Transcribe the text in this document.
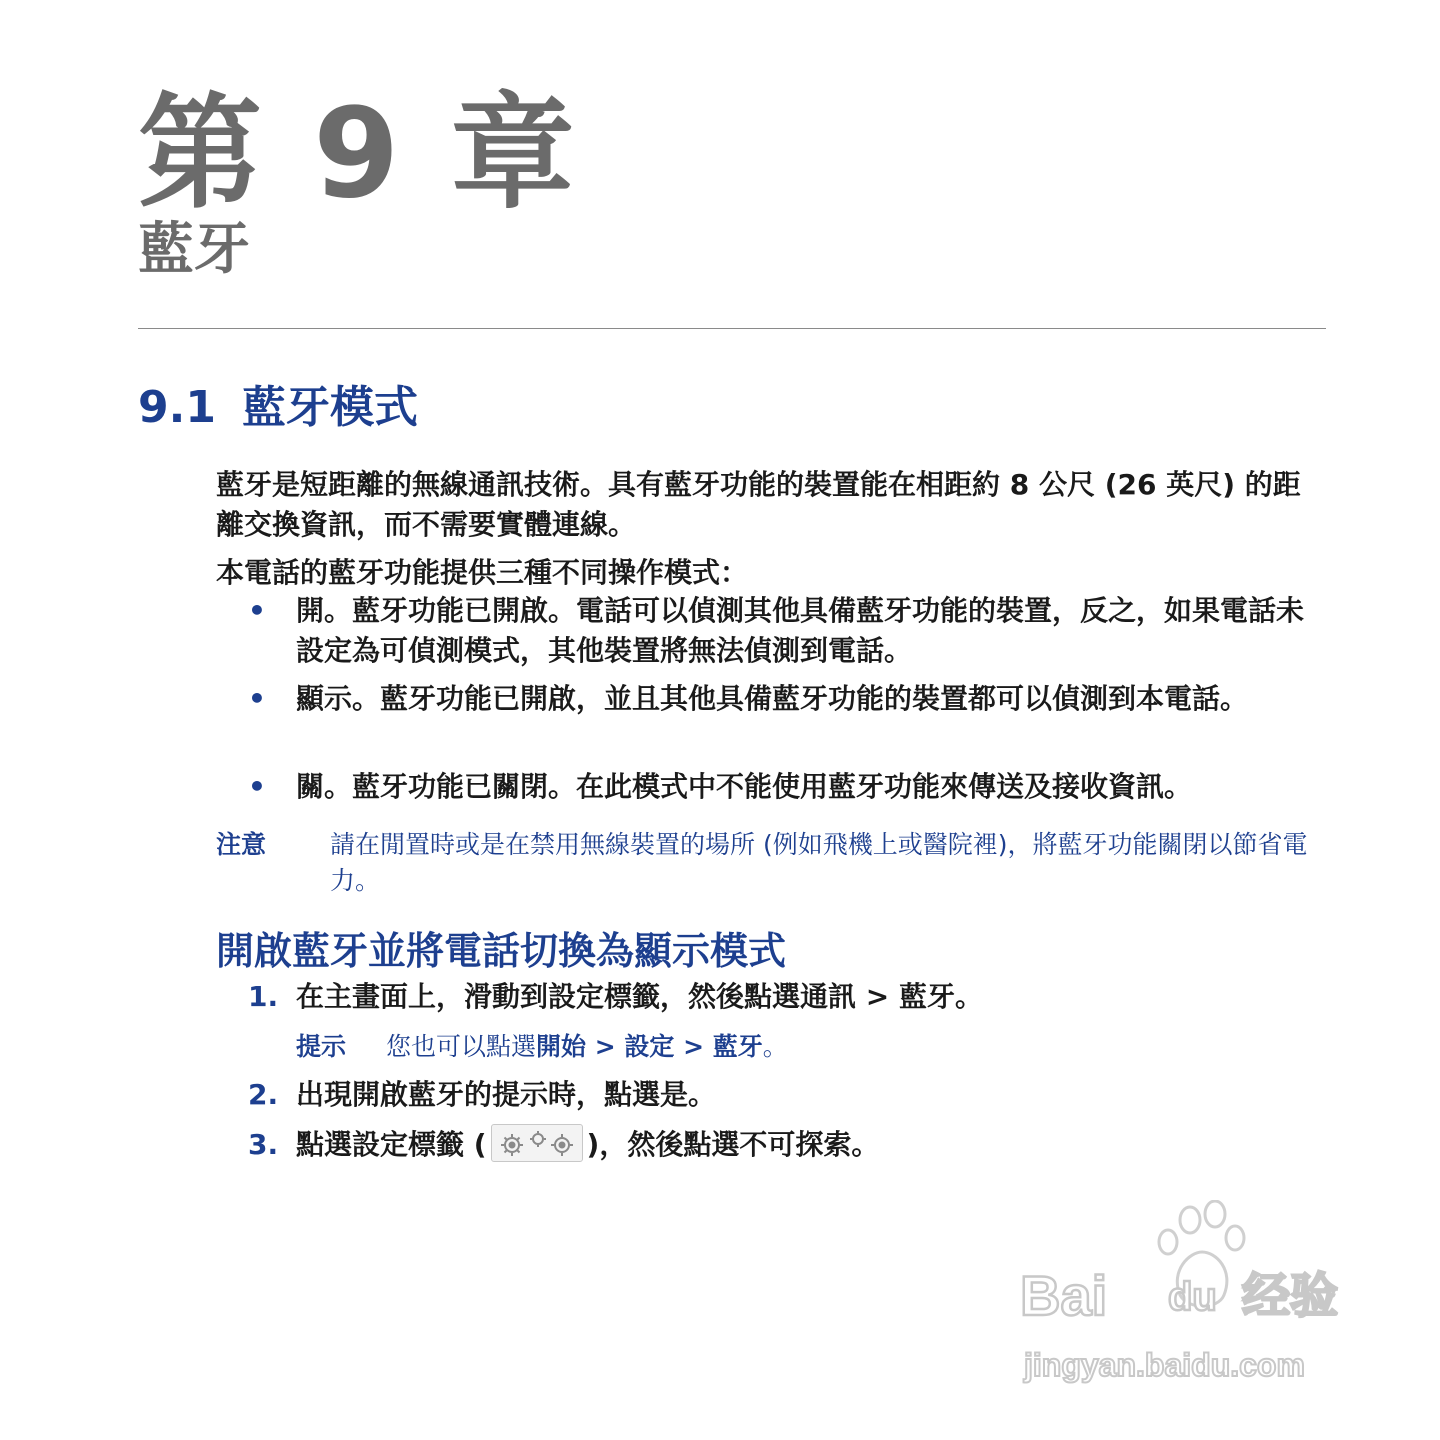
第 9 章
藍牙
9.1 藍牙模式
藍牙是短距離的無線通訊技術。具有藍牙功能的裝置能在相距約 8 公尺 (26 英尺) 的距離交換資訊，而不需要實體連線。
本電話的藍牙功能提供三種不同操作模式：
• 開。藍牙功能已開啟。電話可以偵測其他具備藍牙功能的裝置，反之，如果電話未設定為可偵測模式，其他裝置將無法偵測到電話。
• 顯示。藍牙功能已開啟，並且其他具備藍牙功能的裝置都可以偵測到本電話。
• 關。藍牙功能已關閉。在此模式中不能使用藍牙功能來傳送及接收資訊。
注意	請在閒置時或是在禁用無線裝置的場所 (例如飛機上或醫院裡)，將藍牙功能關閉以節省電力。
開啟藍牙並將電話切換為顯示模式
1. 在主畫面上，滑動到設定標籤，然後點選通訊 > 藍牙。
提示 您也可以點選開始 > 設定 > 藍牙。
2. 出現開啟藍牙的提示時，點選是。
3. 點選設定標籤 (	)，然後點選不可探索。
Bai du 经验
jingyan.baidu.com
